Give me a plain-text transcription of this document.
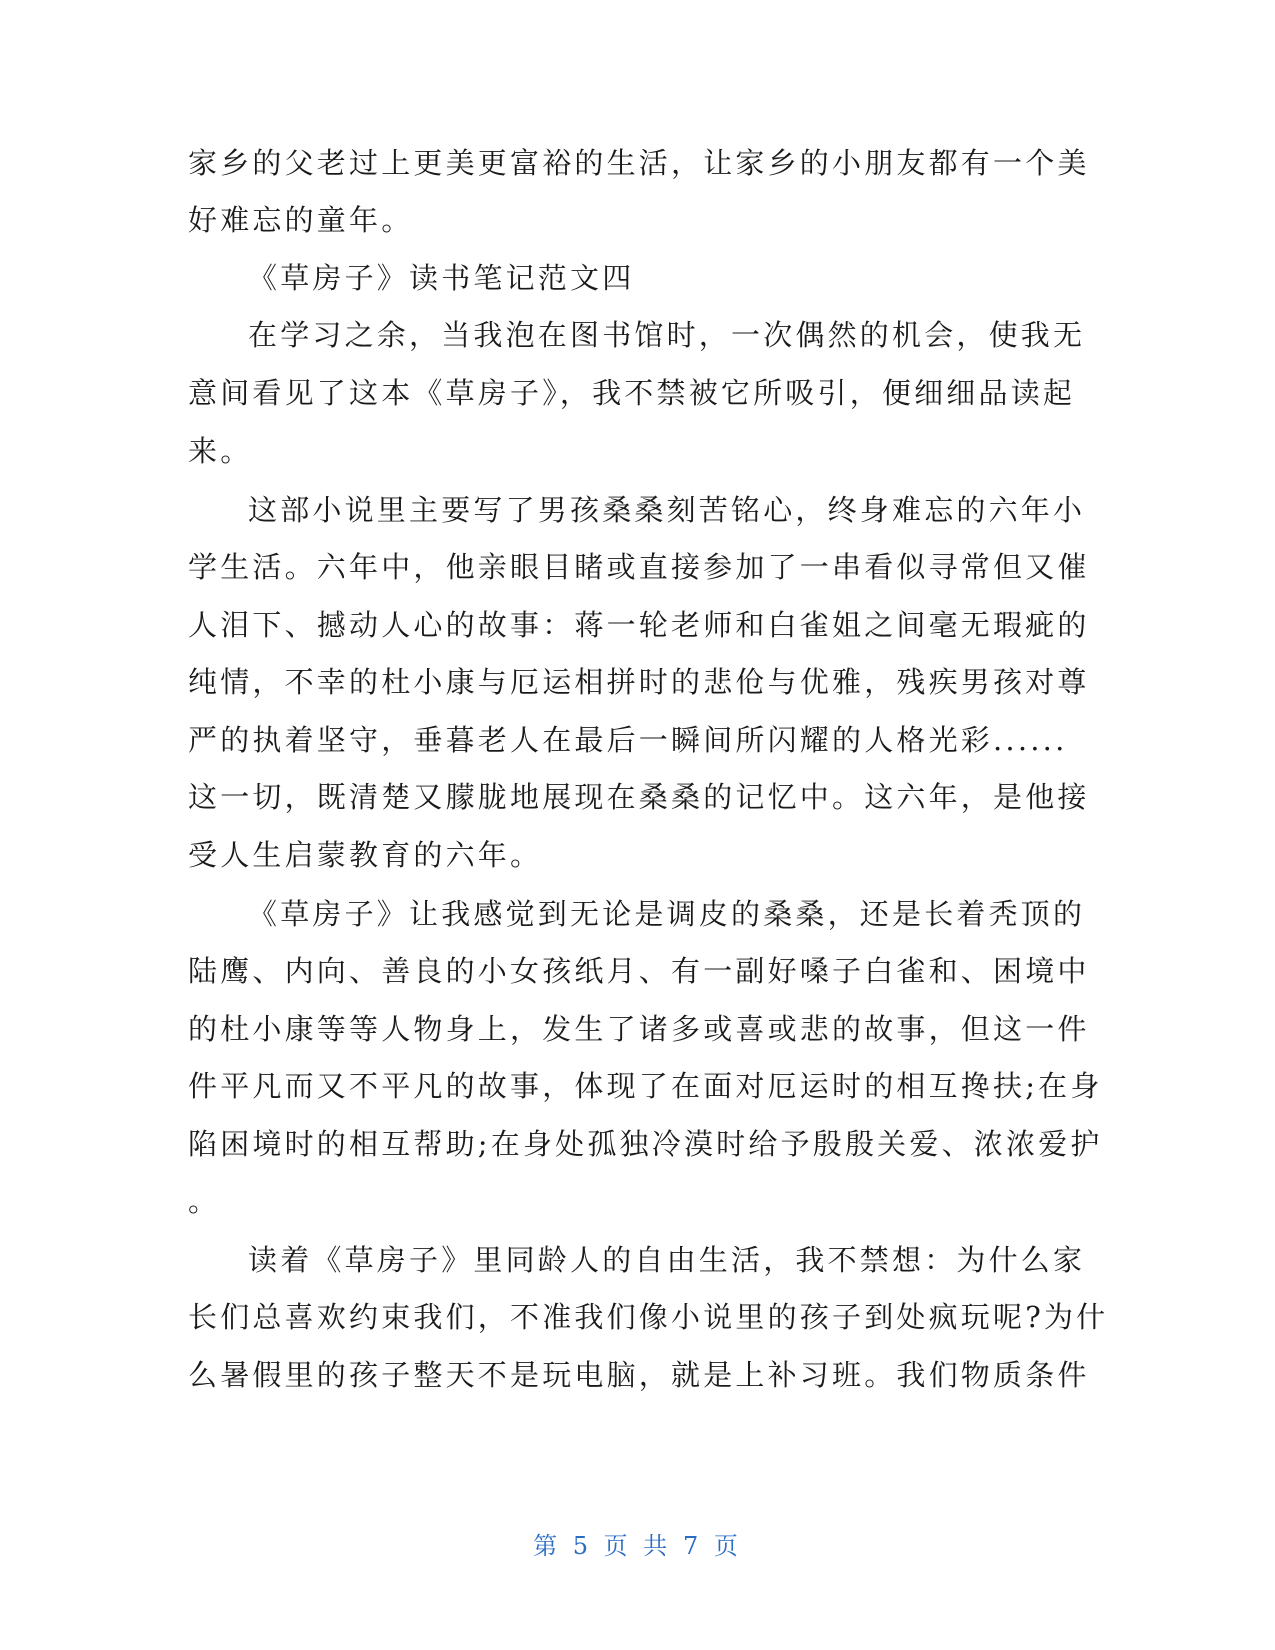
家乡的父老过上更美更富裕的生活，让家乡的小朋友都有一个美
好难忘的童年。
《草房子》读书笔记范文四
在学习之余，当我泡在图书馆时，一次偶然的机会，使我无
意间看见了这本《草房子》，我不禁被它所吸引，便细细品读起
来。
这部小说里主要写了男孩桑桑刻苦铭心，终身难忘的六年小
学生活。六年中，他亲眼目睹或直接参加了一串看似寻常但又催
人泪下、撼动人心的故事：蒋一轮老师和白雀姐之间毫无瑕疵的
纯情，不幸的杜小康与厄运相拼时的悲伧与优雅，残疾男孩对尊
严的执着坚守，垂暮老人在最后一瞬间所闪耀的人格光彩......
这一切，既清楚又朦胧地展现在桑桑的记忆中。这六年，是他接
受人生启蒙教育的六年。
《草房子》让我感觉到无论是调皮的桑桑，还是长着秃顶的
陆鹰、内向、善良的小女孩纸月、有一副好嗓子白雀和、困境中
的杜小康等等人物身上，发生了诸多或喜或悲的故事，但这一件
件平凡而又不平凡的故事，体现了在面对厄运时的相互搀扶;在身
陷困境时的相互帮助;在身处孤独冷漠时给予殷殷关爱、浓浓爱护
。
读着《草房子》里同龄人的自由生活，我不禁想：为什么家
长们总喜欢约束我们，不准我们像小说里的孩子到处疯玩呢?为什
么暑假里的孩子整天不是玩电脑，就是上补习班。我们物质条件
第 5 页 共 7 页
